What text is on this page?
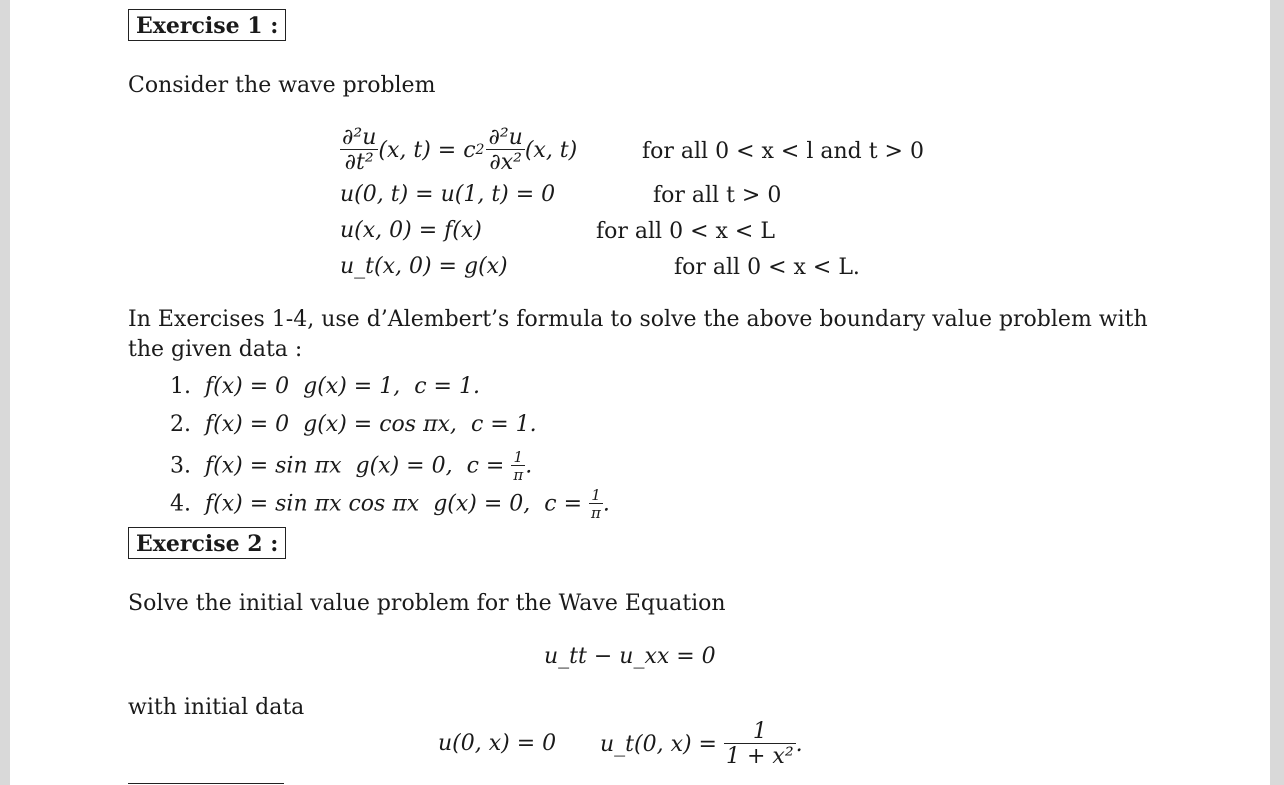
Exercise 1 :
Consider the wave problem
$\frac{\text{∂²u}}{\text{∂t²}} (x$, t) = c $2 \frac{\text{∂²u}}{\text{∂x²}} (x$, t)	for all 0 < x < l and t > 0
u(0, t) = u(1, t) = 0	for all t > 0
u(x, 0) = f(x)	for all 0 < x < L
u_t(x, 0) = g(x)	for all 0 < x < L.
In Exercises 1-4, use d’Alembert’s formula to solve the above boundary value problem with
the given data :
1. f(x) = 0 g(x) = 1, c = 1.
2. f(x) = 0 g(x) = cos πx, c = 1.
3. f(x) = sin πx g(x) = 0, $c = \frac{1}{\pi}$ .
4. f(x) = sin πx cos πx g(x) = 0, $c = \frac{1}{\pi}$ .
Exercise 2 :
Solve the initial value problem for the Wave Equation
u_tt − u_xx = 0
with initial data
u(0, x) = 0 u_t(0, x) =
$\frac{1}{\text{1 + x²}}$ .
